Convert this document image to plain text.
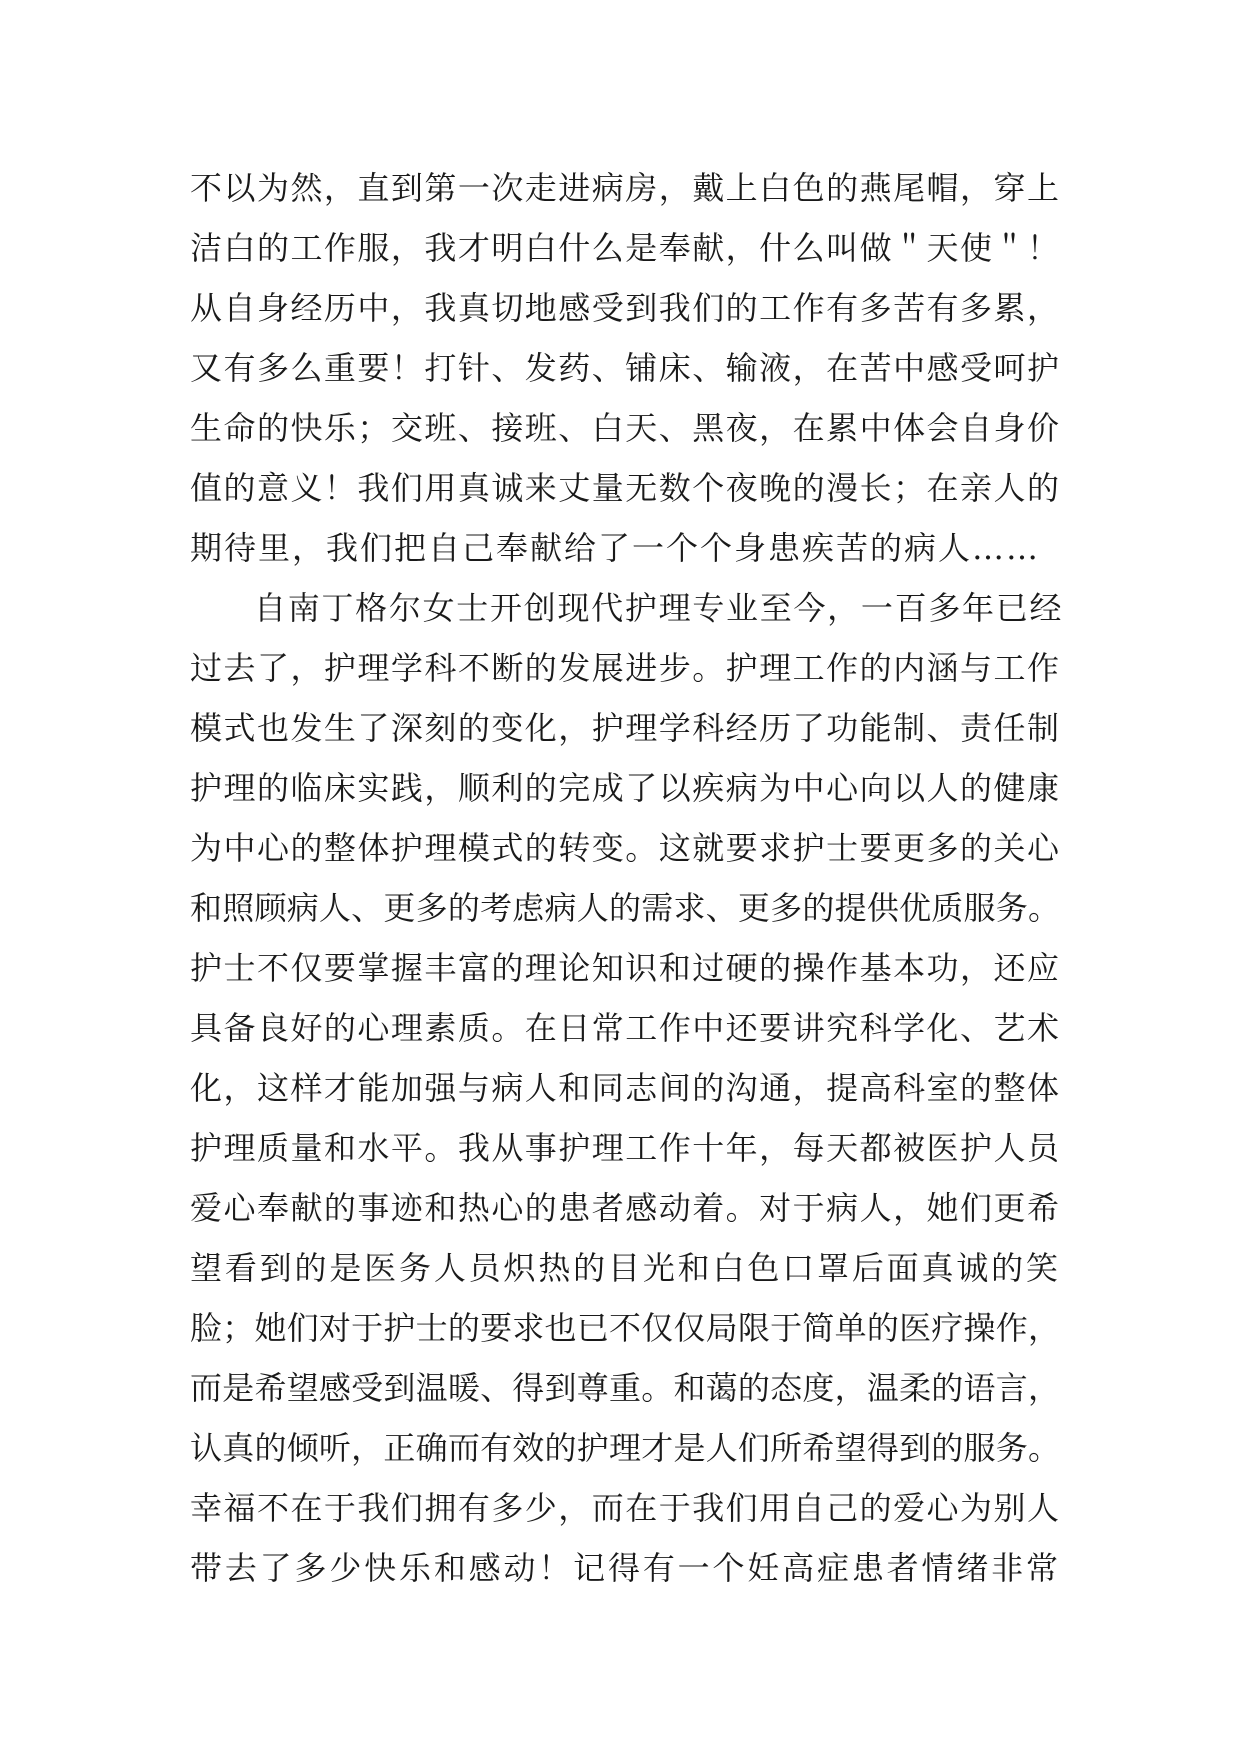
不以为然，直到第一次走进病房，戴上白色的燕尾帽，穿上
洁白的工作服，我才明白什么是奉献，什么叫做＂天使＂！
从自身经历中，我真切地感受到我们的工作有多苦有多累，
又有多么重要！打针、发药、铺床、输液，在苦中感受呵护
生命的快乐；交班、接班、白天、黑夜，在累中体会自身价
值的意义！我们用真诚来丈量无数个夜晚的漫长；在亲人的
期待里，我们把自己奉献给了一个个身患疾苦的病人……
自南丁格尔女士开创现代护理专业至今，一百多年已经
过去了，护理学科不断的发展进步。护理工作的内涵与工作
模式也发生了深刻的变化，护理学科经历了功能制、责任制
护理的临床实践，顺利的完成了以疾病为中心向以人的健康
为中心的整体护理模式的转变。这就要求护士要更多的关心
和照顾病人、更多的考虑病人的需求、更多的提供优质服务。
护士不仅要掌握丰富的理论知识和过硬的操作基本功，还应
具备良好的心理素质。在日常工作中还要讲究科学化、艺术
化，这样才能加强与病人和同志间的沟通，提高科室的整体
护理质量和水平。我从事护理工作十年，每天都被医护人员
爱心奉献的事迹和热心的患者感动着。对于病人，她们更希
望看到的是医务人员炽热的目光和白色口罩后面真诚的笑
脸；她们对于护士的要求也已不仅仅局限于简单的医疗操作，
而是希望感受到温暖、得到尊重。和蔼的态度，温柔的语言，
认真的倾听，正确而有效的护理才是人们所希望得到的服务。
幸福不在于我们拥有多少，而在于我们用自己的爱心为别人
带去了多少快乐和感动！记得有一个妊高症患者情绪非常
